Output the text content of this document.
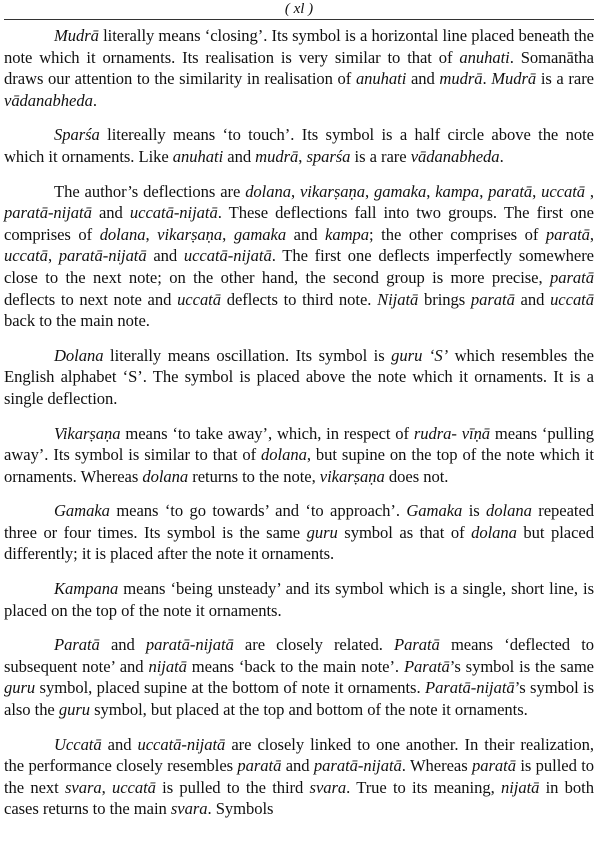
( xl )

Mudrā literally means ‘closing’. Its symbol is a horizontal line placed beneath the note which it ornaments. Its realisation is very similar to that of anuhati. Somanātha draws our attention to the similarity in realisation of anuhati and mudrā. Mudrā is a rare vādanabheda.

Sparśa litereally means ‘to touch’. Its symbol is a half circle above the note which it ornaments. Like anuhati and mudrā, sparśa is a rare vādanabheda.

The author’s deflections are dolana, vikarṣaṇa, gamaka, kampa, paratā, uccatā , paratā-nijatā and uccatā-nijatā. These deflections fall into two groups. The first one comprises of dolana, vikarṣaṇa, gamaka and kampa; the other comprises of paratā, uccatā, paratā-nijatā and uccatā-nijatā. The first one deflects imperfectly somewhere close to the next note; on the other hand, the second group is more precise, paratā deflects to next note and uccatā deflects to third note. Nijatā brings paratā and uccatā back to the main note.

Dolana literally means oscillation. Its symbol is guru ‘S’ which resembles the English alphabet ‘S’. The symbol is placed above the note which it ornaments. It is a single deflection.

Vikarṣaṇa means ‘to take away’, which, in respect of rudra- vīṇā means ‘pulling away’. Its symbol is similar to that of dolana, but supine on the top of the note which it ornaments. Whereas dolana returns to the note, vikarṣaṇa does not.

Gamaka means ‘to go towards’ and ‘to approach’. Gamaka is dolana repeated three or four times. Its symbol is the same guru symbol as that of dolana but placed differently; it is placed after the note it ornaments.

Kampana means ‘being unsteady’ and its symbol which is a single, short line, is placed on the top of the note it ornaments.

Paratā and paratā-nijatā are closely related. Paratā means ‘deflected to subsequent note’ and nijatā means ‘back to the main note’. Paratā’s symbol is the same guru symbol, placed supine at the bottom of note it ornaments. Paratā-nijatā’s symbol is also the guru symbol, but placed at the top and bottom of the note it ornaments.

Uccatā and uccatā-nijatā are closely linked to one another. In their realization, the performance closely resembles paratā and paratā-nijatā. Whereas paratā is pulled to the next svara, uccatā is pulled to the third svara. True to its meaning, nijatā in both cases returns to the main svara. Symbols
